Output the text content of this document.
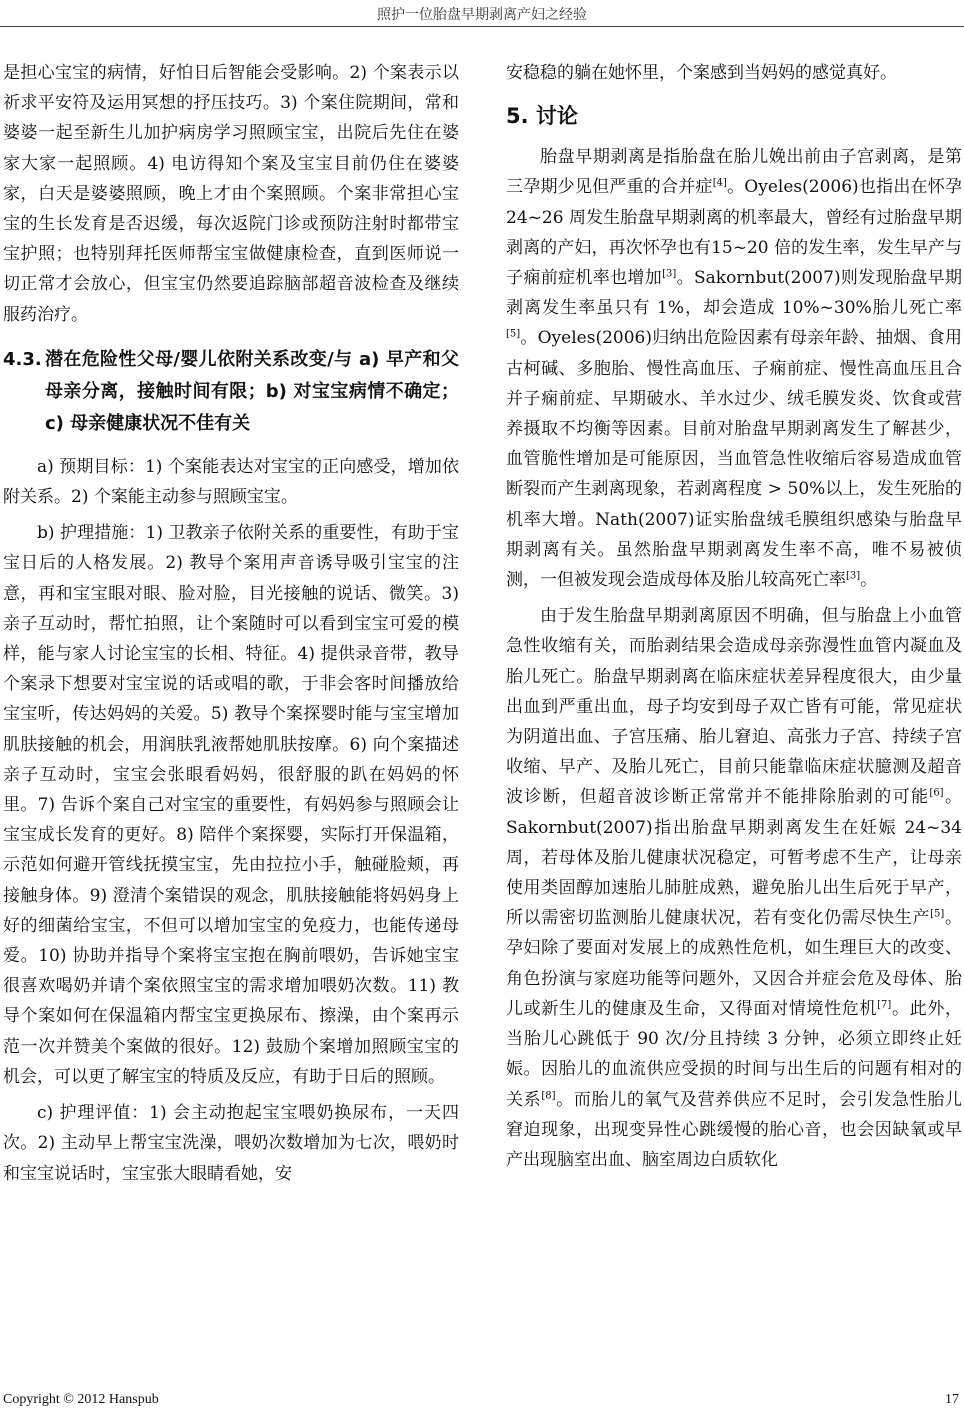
照护一位胎盘早期剥离产妇之经验

是担心宝宝的病情，好怕日后智能会受影响。2) 个案表示以祈求平安符及运用冥想的抒压技巧。3) 个案住院期间，常和婆婆一起至新生儿加护病房学习照顾宝宝，出院后先住在婆家大家一起照顾。4) 电访得知个案及宝宝目前仍住在婆婆家，白天是婆婆照顾，晚上才由个案照顾。个案非常担心宝宝的生长发育是否迟缓，每次返院门诊或预防注射时都带宝宝护照；也特别拜托医师帮宝宝做健康检查，直到医师说一切正常才会放心，但宝宝仍然要追踪脑部超音波检查及继续服药治疗。

4.3. 潜在危险性父母/婴儿依附关系改变/与 a) 早产和父母亲分离，接触时间有限；b) 对宝宝病情不确定；c) 母亲健康状况不佳有关

a) 预期目标：1) 个案能表达对宝宝的正向感受，增加依附关系。2) 个案能主动参与照顾宝宝。

b) 护理措施：1) 卫教亲子依附关系的重要性，有助于宝宝日后的人格发展。2) 教导个案用声音诱导吸引宝宝的注意，再和宝宝眼对眼、脸对脸，目光接触的说话、微笑。3) 亲子互动时，帮忙拍照，让个案随时可以看到宝宝可爱的模样，能与家人讨论宝宝的长相、特征。4) 提供录音带，教导个案录下想要对宝宝说的话或唱的歌，于非会客时间播放给宝宝听，传达妈妈的关爱。5) 教导个案探婴时能与宝宝增加肌肤接触的机会，用润肤乳液帮她肌肤按摩。6) 向个案描述亲子互动时，宝宝会张眼看妈妈，很舒服的趴在妈妈的怀里。7) 告诉个案自己对宝宝的重要性，有妈妈参与照顾会让宝宝成长发育的更好。8) 陪伴个案探婴，实际打开保温箱，示范如何避开管线抚摸宝宝，先由拉拉小手，触碰脸颊，再接触身体。9) 澄清个案错误的观念，肌肤接触能将妈妈身上好的细菌给宝宝，不但可以增加宝宝的免疫力，也能传递母爱。10) 协助并指导个案将宝宝抱在胸前喂奶，告诉她宝宝很喜欢喝奶并请个案依照宝宝的需求增加喂奶次数。11) 教导个案如何在保温箱内帮宝宝更换尿布、擦澡，由个案再示范一次并赞美个案做的很好。12) 鼓励个案增加照顾宝宝的机会，可以更了解宝宝的特质及反应，有助于日后的照顾。

c) 护理评值：1) 会主动抱起宝宝喂奶换尿布，一天四次。2) 主动早上帮宝宝洗澡，喂奶次数增加为七次，喂奶时和宝宝说话时，宝宝张大眼睛看她，安

安稳稳的躺在她怀里，个案感到当妈妈的感觉真好。

5. 讨论

胎盘早期剥离是指胎盘在胎儿娩出前由子宫剥离，是第三孕期少见但严重的合并症[4]。Oyeles(2006)也指出在怀孕 24~26 周发生胎盘早期剥离的机率最大，曾经有过胎盘早期剥离的产妇，再次怀孕也有15~20 倍的发生率，发生早产与子痫前症机率也增加[3]。Sakornbut(2007)则发现胎盘早期剥离发生率虽只有 1%，却会造成 10%~30%胎儿死亡率[5]。Oyeles(2006)归纳出危险因素有母亲年龄、抽烟、食用古柯碱、多胞胎、慢性高血压、子痫前症、慢性高血压且合并子痫前症、早期破水、羊水过少、绒毛膜发炎、饮食或营养摄取不均衡等因素。目前对胎盘早期剥离发生了解甚少，血管脆性增加是可能原因，当血管急性收缩后容易造成血管断裂而产生剥离现象，若剥离程度 > 50%以上，发生死胎的机率大增。Nath(2007)证实胎盘绒毛膜组织感染与胎盘早期剥离有关。虽然胎盘早期剥离发生率不高，唯不易被侦测，一但被发现会造成母体及胎儿较高死亡率[3]。

由于发生胎盘早期剥离原因不明确，但与胎盘上小血管急性收缩有关，而胎剥结果会造成母亲弥漫性血管内凝血及胎儿死亡。胎盘早期剥离在临床症状差异程度很大，由少量出血到严重出血，母子均安到母子双亡皆有可能，常见症状为阴道出血、子宫压痛、胎儿窘迫、高张力子宫、持续子宫收缩、早产、及胎儿死亡，目前只能靠临床症状臆测及超音波诊断，但超音波诊断正常常并不能排除胎剥的可能[6]。Sakornbut(2007)指出胎盘早期剥离发生在妊娠 24~34 周，若母体及胎儿健康状况稳定，可暂考虑不生产，让母亲使用类固醇加速胎儿肺脏成熟，避免胎儿出生后死于早产，所以需密切监测胎儿健康状况，若有变化仍需尽快生产[5]。孕妇除了要面对发展上的成熟性危机，如生理巨大的改变、角色扮演与家庭功能等问题外，又因合并症会危及母体、胎儿或新生儿的健康及生命，又得面对情境性危机[7]。此外，当胎儿心跳低于 90 次/分且持续 3 分钟，必须立即终止妊娠。因胎儿的血流供应受损的时间与出生后的问题有相对的关系[8]。而胎儿的氧气及营养供应不足时，会引发急性胎儿窘迫现象，出现变异性心跳缓慢的胎心音，也会因缺氧或早产出现脑室出血、脑室周边白质软化

Copyright © 2012 Hanspub	17
